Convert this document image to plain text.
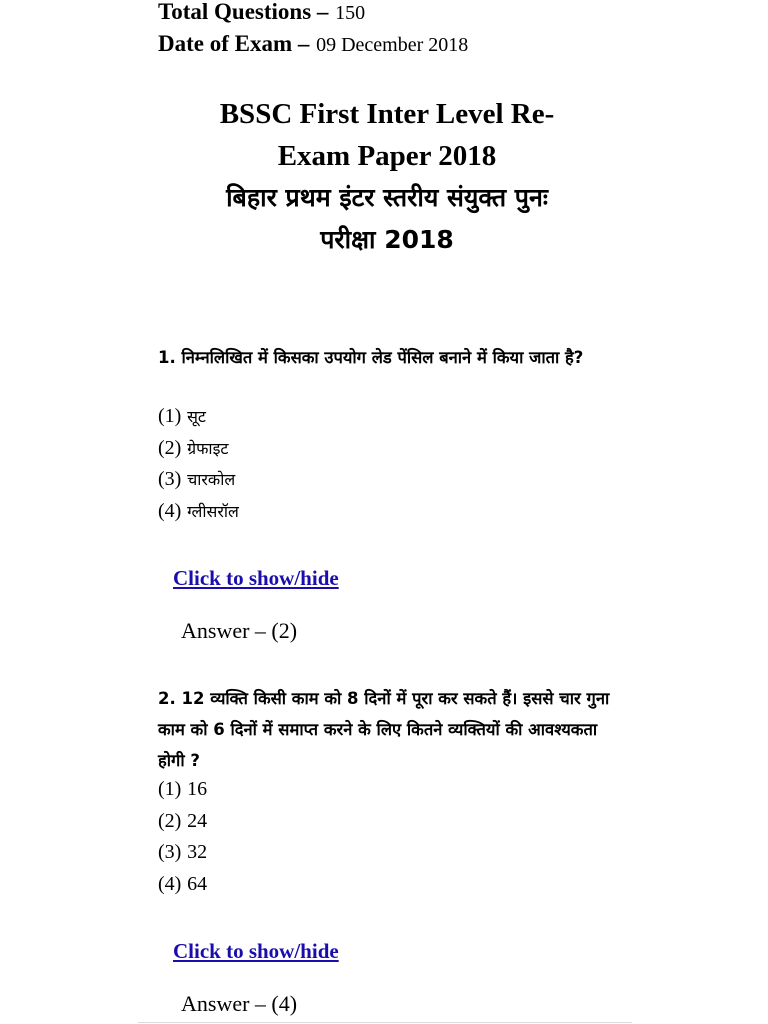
Total Questions – 150
Date of Exam – 09 December 2018
BSSC First Inter Level Re-
Exam Paper 2018
बिहार प्रथम इंटर स्तरीय संयुक्त पुनः
परीक्षा 2018
1. निम्नलिखित में किसका उपयोग लेड पेंसिल बनाने में किया जाता है?
(1) सूट
(2) ग्रेफाइट
(3) चारकोल
(4) ग्लीसरॉल
Click to show/hide
Answer – (2)
2. 12 व्यक्ति किसी काम को 8 दिनों में पूरा कर सकते हैं। इससे चार गुना काम को 6 दिनों में समाप्त करने के लिए कितने व्यक्तियों की आवश्यकता होगी ?
(1) 16
(2) 24
(3) 32
(4) 64
Click to show/hide
Answer – (4)
